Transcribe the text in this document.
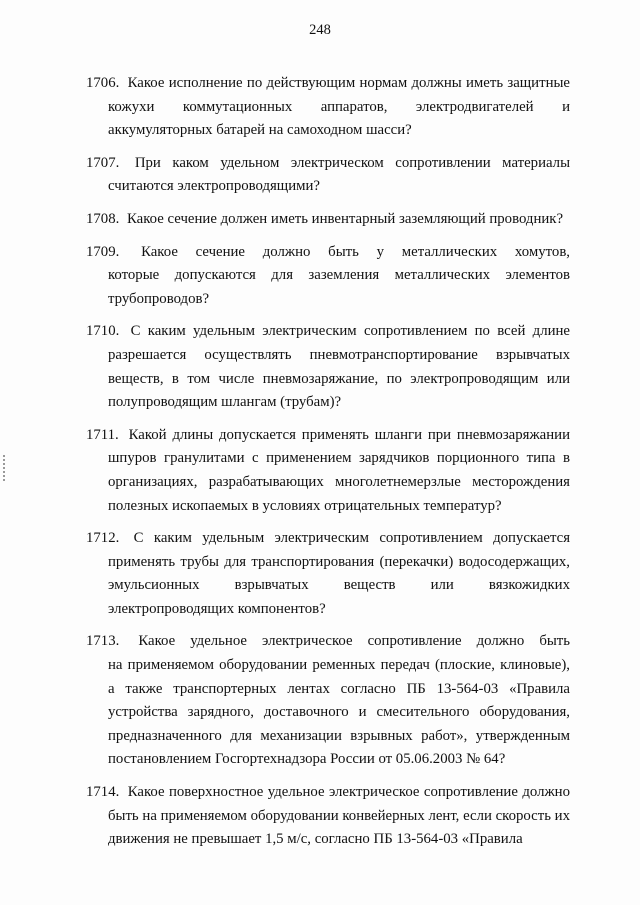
248
1706. Какое исполнение по действующим нормам должны иметь защитные
кожухи коммутационных аппаратов, электродвигателей и аккумуляторных батарей на самоходном шасси?
1707. При каком удельном электрическом сопротивлении материалы
считаются электропроводящими?
1708. Какое сечение должен иметь инвентарный заземляющий проводник?
1709. Какое сечение должно быть у металлических хомутов,
которые допускаются для заземления металлических элементов трубопроводов?
1710. С каким удельным электрическим сопротивлением по всей длине
разрешается осуществлять пневмотранспортирование взрывчатых веществ, в том числе пневмозаряжание, по электропроводящим или полупроводящим шлангам (трубам)?
1711. Какой длины допускается применять шланги при пневмозаряжании
шпуров гранулитами с применением зарядчиков порционного типа в организациях, разрабатывающих многолетнемерзлые месторождения полезных ископаемых в условиях отрицательных температур?
1712. С каким удельным электрическим сопротивлением допускается
применять трубы для транспортирования (перекачки) водосодержащих, эмульсионных взрывчатых веществ или вязкожидких электропроводящих компонентов?
1713. Какое удельное электрическое сопротивление должно быть
на применяемом оборудовании ременных передач (плоские, клиновые), а также транспортерных лентах согласно ПБ 13-564-03 «Правила устройства зарядного, доставочного и смесительного оборудования, предназначенного для механизации взрывных работ», утвержденным постановлением Госгортехнадзора России от 05.06.2003 № 64?
1714. Какое поверхностное удельное электрическое сопротивление должно
быть на применяемом оборудовании конвейерных лент, если скорость их движения не превышает 1,5 м/с, согласно ПБ 13-564-03 «Правила
